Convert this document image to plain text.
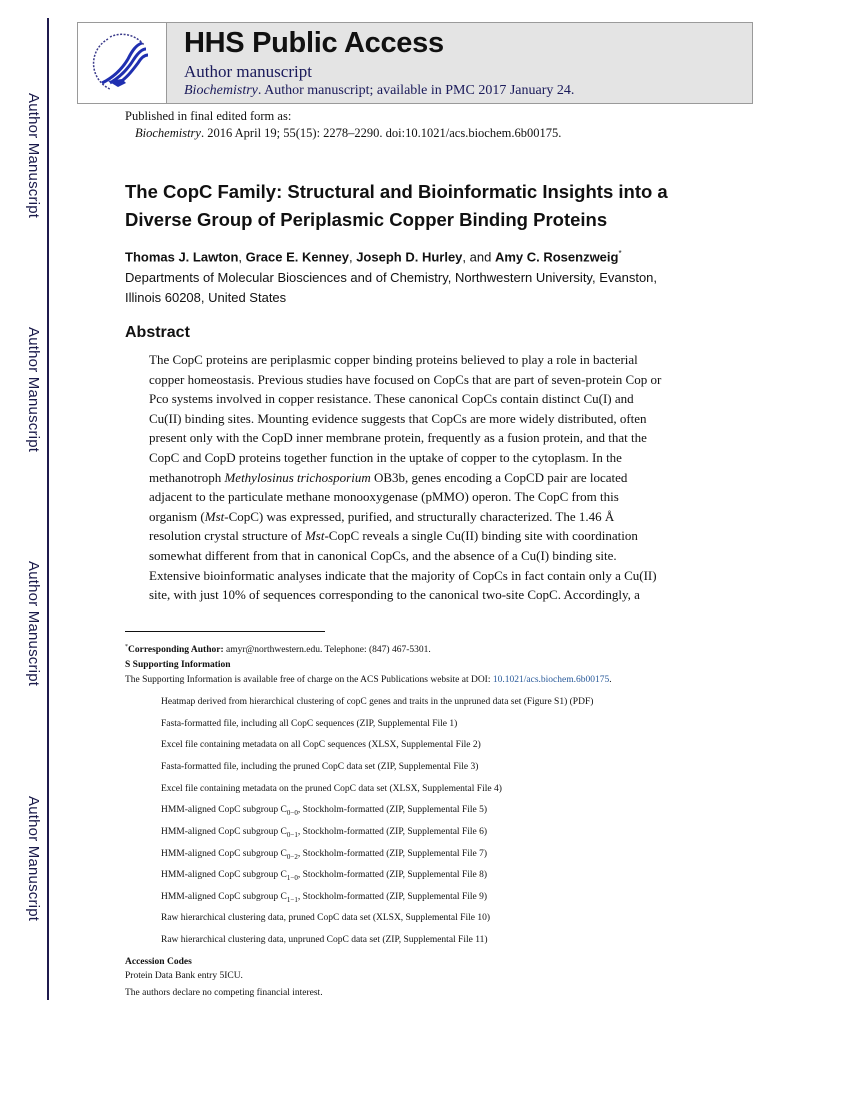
Author Manuscript
Author Manuscript
Author Manuscript
Author Manuscript
HHS Public Access
Author manuscript
Biochemistry. Author manuscript; available in PMC 2017 January 24.
Published in final edited form as:
Biochemistry. 2016 April 19; 55(15): 2278–2290. doi:10.1021/acs.biochem.6b00175.
The CopC Family: Structural and Bioinformatic Insights into a
Diverse Group of Periplasmic Copper Binding Proteins
Thomas J. Lawton, Grace E. Kenney, Joseph D. Hurley, and Amy C. Rosenzweig*
Departments of Molecular Biosciences and of Chemistry, Northwestern University, Evanston,
Illinois 60208, United States
Abstract
The CopC proteins are periplasmic copper binding proteins believed to play a role in bacterial
copper homeostasis. Previous studies have focused on CopCs that are part of seven-protein Cop or
Pco systems involved in copper resistance. These canonical CopCs contain distinct Cu(I) and
Cu(II) binding sites. Mounting evidence suggests that CopCs are more widely distributed, often
present only with the CopD inner membrane protein, frequently as a fusion protein, and that the
CopC and CopD proteins together function in the uptake of copper to the cytoplasm. In the
methanotroph Methylosinus trichosporium OB3b, genes encoding a CopCD pair are located
adjacent to the particulate methane monooxygenase (pMMO) operon. The CopC from this
organism (Mst-CopC) was expressed, purified, and structurally characterized. The 1.46 Å
resolution crystal structure of Mst-CopC reveals a single Cu(II) binding site with coordination
somewhat different from that in canonical CopCs, and the absence of a Cu(I) binding site.
Extensive bioinformatic analyses indicate that the majority of CopCs in fact contain only a Cu(II)
site, with just 10% of sequences corresponding to the canonical two-site CopC. Accordingly, a
*Corresponding Author: amyr@northwestern.edu. Telephone: (847) 467-5301.
S Supporting Information
The Supporting Information is available free of charge on the ACS Publications website at DOI: 10.1021/acs.biochem.6b00175.
Heatmap derived from hierarchical clustering of copC genes and traits in the unpruned data set (Figure S1) (PDF)
Fasta-formatted file, including all CopC sequences (ZIP, Supplemental File 1)
Excel file containing metadata on all CopC sequences (XLSX, Supplemental File 2)
Fasta-formatted file, including the pruned CopC data set (ZIP, Supplemental File 3)
Excel file containing metadata on the pruned CopC data set (XLSX, Supplemental File 4)
HMM-aligned CopC subgroup $C_{0-0}$, Stockholm-formatted (ZIP, Supplemental File 5)
HMM-aligned CopC subgroup $C_{0-1}$, Stockholm-formatted (ZIP, Supplemental File 6)
HMM-aligned CopC subgroup $C_{0-2}$, Stockholm-formatted (ZIP, Supplemental File 7)
HMM-aligned CopC subgroup $C_{1-0}$, Stockholm-formatted (ZIP, Supplemental File 8)
HMM-aligned CopC subgroup $C_{1-1}$, Stockholm-formatted (ZIP, Supplemental File 9)
Raw hierarchical clustering data, pruned CopC data set (XLSX, Supplemental File 10)
Raw hierarchical clustering data, unpruned CopC data set (ZIP, Supplemental File 11)
Accession Codes
Protein Data Bank entry 5ICU.
The authors declare no competing financial interest.
